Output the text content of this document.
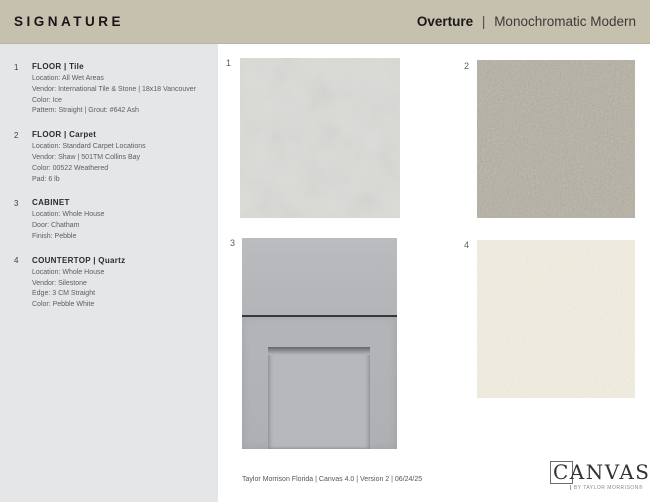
SIGNATURE	Overture | Monochromatic Modern
1	FLOOR | Tile
Location: All Wet Areas
Vendor: International Tile & Stone | 18x18 Vancouver
Color: Ice
Pattern: Straight | Grout: #642 Ash
2	FLOOR | Carpet
Location: Standard Carpet Locations
Vendor: Shaw | 501TM Collins Bay
Color: 00522 Weathered
Pad: 6 lb
3	CABINET
Location: Whole House
Door: Chatham
Finish: Pebble
4	COUNTERTOP | Quartz
Location: Whole House
Vendor: Silestone
Edge: 3 CM Straight
Color: Pebble White
1	2
3	4
Taylor Morrison Florida | Canvas 4.0 | Version 2 | 06/24/25	CANVAS
BY TAYLOR MORRISON®
